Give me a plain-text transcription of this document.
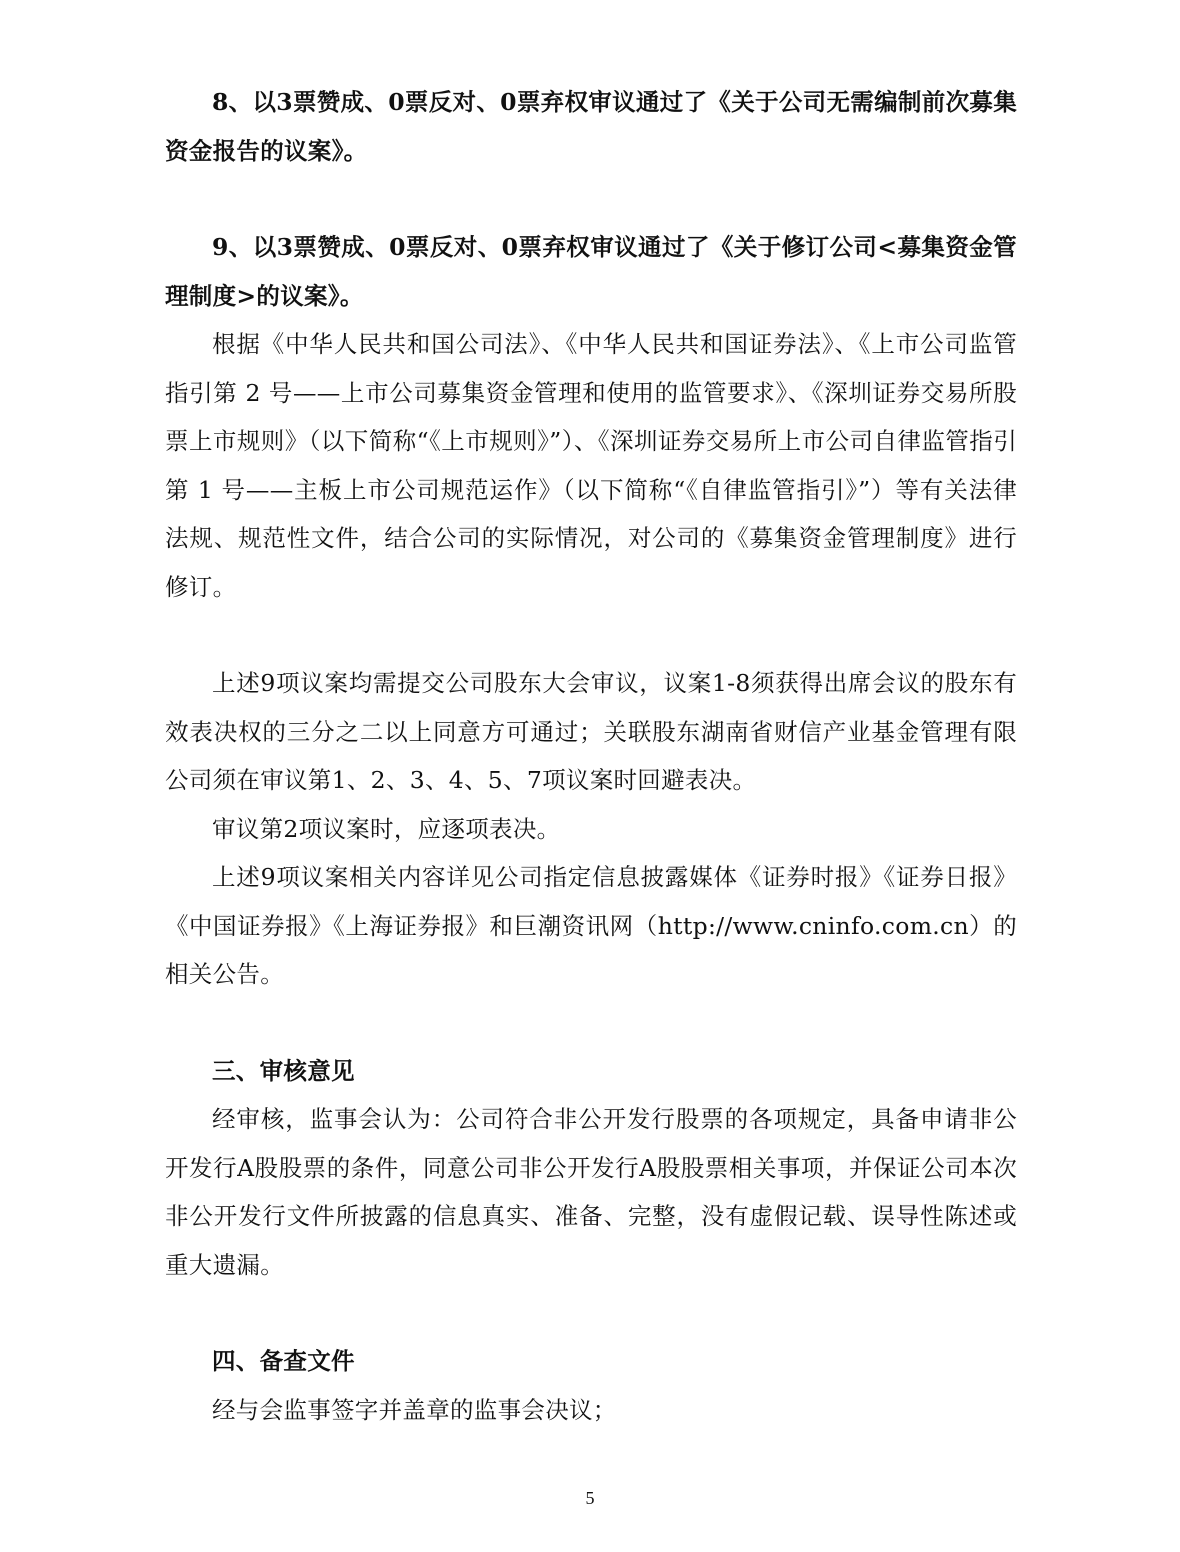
8、以3票赞成、0票反对、0票弃权审议通过了《关于公司无需编制前次募集资金报告的议案》。

9、以3票赞成、0票反对、0票弃权审议通过了《关于修订公司<募集资金管理制度>的议案》。

根据《中华人民共和国公司法》、《中华人民共和国证券法》、《上市公司监管指引第 2 号——上市公司募集资金管理和使用的监管要求》、《深圳证券交易所股票上市规则》（以下简称“《上市规则》”）、《深圳证券交易所上市公司自律监管指引第 1 号——主板上市公司规范运作》（以下简称“《自律监管指引》”）等有关法律法规、规范性文件，结合公司的实际情况，对公司的《募集资金管理制度》进行修订。

上述9项议案均需提交公司股东大会审议，议案1-8须获得出席会议的股东有效表决权的三分之二以上同意方可通过；关联股东湖南省财信产业基金管理有限公司须在审议第1、2、3、4、5、7项议案时回避表决。

审议第2项议案时，应逐项表决。

上述9项议案相关内容详见公司指定信息披露媒体《证券时报》《证券日报》《中国证券报》《上海证券报》和巨潮资讯网（http://www.cninfo.com.cn）的相关公告。

三、审核意见

经审核，监事会认为：公司符合非公开发行股票的各项规定，具备申请非公开发行A股股票的条件，同意公司非公开发行A股股票相关事项，并保证公司本次非公开发行文件所披露的信息真实、准备、完整，没有虚假记载、误导性陈述或重大遗漏。

四、备查文件

经与会监事签字并盖章的监事会决议；

5
